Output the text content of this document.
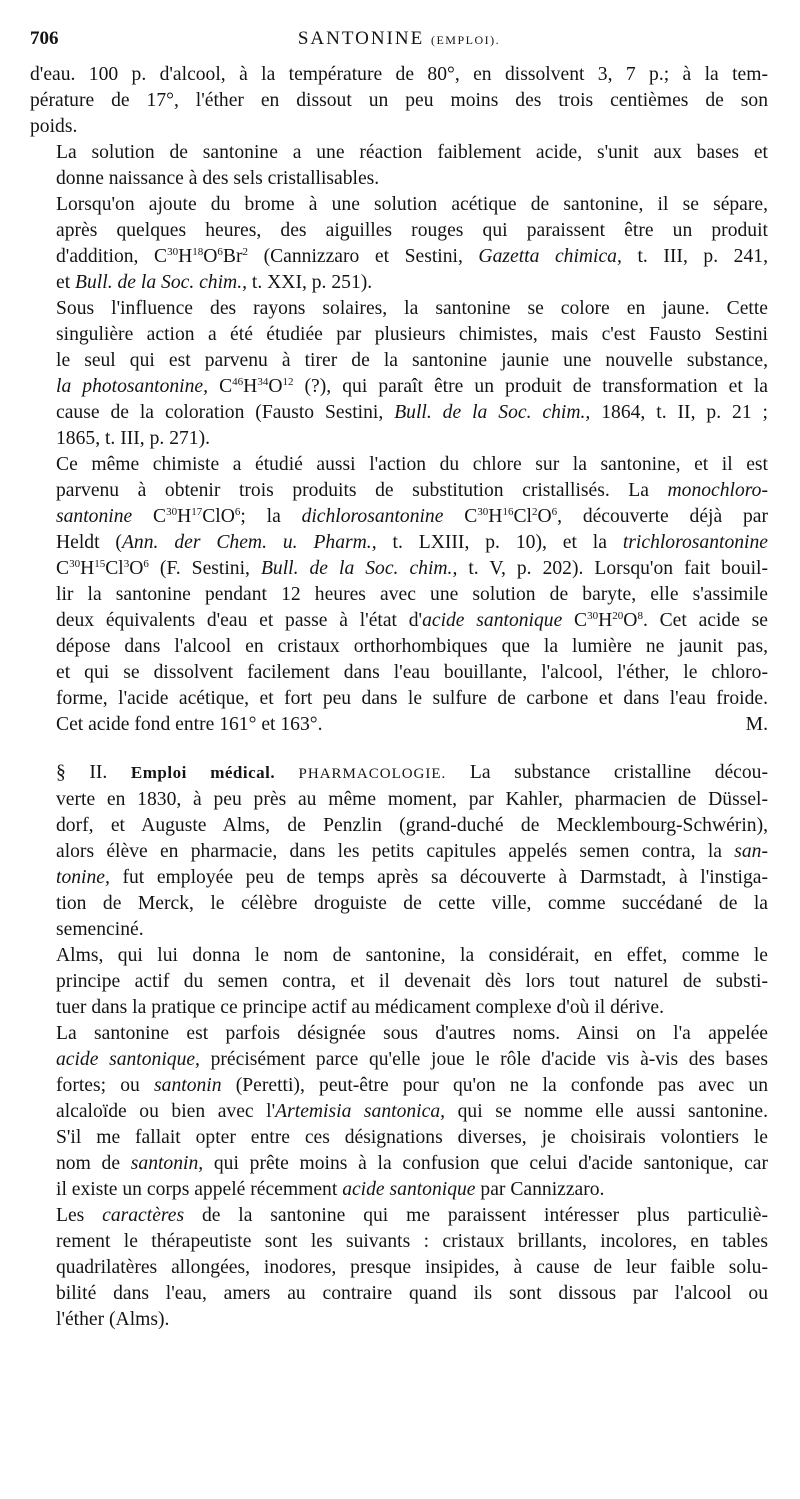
706	SANTONINE (EMPLOI).

d'eau. 100 p. d'alcool, à la température de 80°, en dissolvent 3, 7 p.; à la tem-
pérature de 17°, l'éther en dissout un peu moins des trois centièmes de son
poids.

La solution de santonine a une réaction faiblement acide, s'unit aux bases et
donne naissance à des sels cristallisables.

Lorsqu'on ajoute du brome à une solution acétique de santonine, il se sépare,
après quelques heures, des aiguilles rouges qui paraissent être un produit
d'addition, $C^{30}H^{18}O^6Br^2$ (Cannizzaro et Sestini, Gazetta chimica, t. III, p. 241,
et Bull. de la Soc. chim., t. XXI, p. 251).

Sous l'influence des rayons solaires, la santonine se colore en jaune. Cette
singulière action a été étudiée par plusieurs chimistes, mais c'est Fausto Sestini
le seul qui est parvenu à tirer de la santonine jaunie une nouvelle substance,
la photosantonine, $C^{46}H^{34}O^{12}$ (?), qui paraît être un produit de transformation et la
cause de la coloration (Fausto Sestini, Bull. de la Soc. chim., 1864, t. II, p. 21 ;
1865, t. III, p. 271).

Ce même chimiste a étudié aussi l'action du chlore sur la santonine, et il est
parvenu à obtenir trois produits de substitution cristallisés. La monochloro-
santonine $C^{30}H^{17}ClO^6$; la dichlorosantonine $C^{30}H^{16}Cl^2O^6$, découverte déjà par
Heldt (Ann. der Chem. u. Pharm., t. LXIII, p. 10), et la trichlorosantonine
$C^{30}H^{15}Cl^3O^6$ (F. Sestini, Bull. de la Soc. chim., t. V, p. 202). Lorsqu'on fait bouil-
lir la santonine pendant 12 heures avec une solution de baryte, elle s'assimile
deux équivalents d'eau et passe à l'état d'acide santonique $C^{30}H^{20}O^8$. Cet acide se
dépose dans l'alcool en cristaux orthorhombiques que la lumière ne jaunit pas,
et qui se dissolvent facilement dans l'eau bouillante, l'alcool, l'éther, le chloro-
forme, l'acide acétique, et fort peu dans le sulfure de carbone et dans l'eau froide.
Cet acide fond entre 161° et 163°.	M.

§ II. Emploi médical. PHARMACOLOGIE. La substance cristalline décou-
verte en 1830, à peu près au même moment, par Kahler, pharmacien de Düssel-
dorf, et Auguste Alms, de Penzlin (grand-duché de Mecklembourg-Schwérin),
alors élève en pharmacie, dans les petits capitules appelés semen contra, la san-
tonine, fut employée peu de temps après sa découverte à Darmstadt, à l'instiga-
tion de Merck, le célèbre droguiste de cette ville, comme succédané de la
semenciné.

Alms, qui lui donna le nom de santonine, la considérait, en effet, comme le
principe actif du semen contra, et il devenait dès lors tout naturel de substi-
tuer dans la pratique ce principe actif au médicament complexe d'où il dérive.

La santonine est parfois désignée sous d'autres noms. Ainsi on l'a appelée
acide santonique, précisément parce qu'elle joue le rôle d'acide vis à-vis des bases
fortes; ou santonin (Peretti), peut-être pour qu'on ne la confonde pas avec un
alcaloïde ou bien avec l'Artemisia santonica, qui se nomme elle aussi santonine.
S'il me fallait opter entre ces désignations diverses, je choisirais volontiers le
nom de santonin, qui prête moins à la confusion que celui d'acide santonique, car
il existe un corps appelé récemment acide santonique par Cannizzaro.

Les caractères de la santonine qui me paraissent intéresser plus particuliè-
rement le thérapeutiste sont les suivants : cristaux brillants, incolores, en tables
quadrilatères allongées, inodores, presque insipides, à cause de leur faible solu-
bilité dans l'eau, amers au contraire quand ils sont dissous par l'alcool ou
l'éther (Alms).
